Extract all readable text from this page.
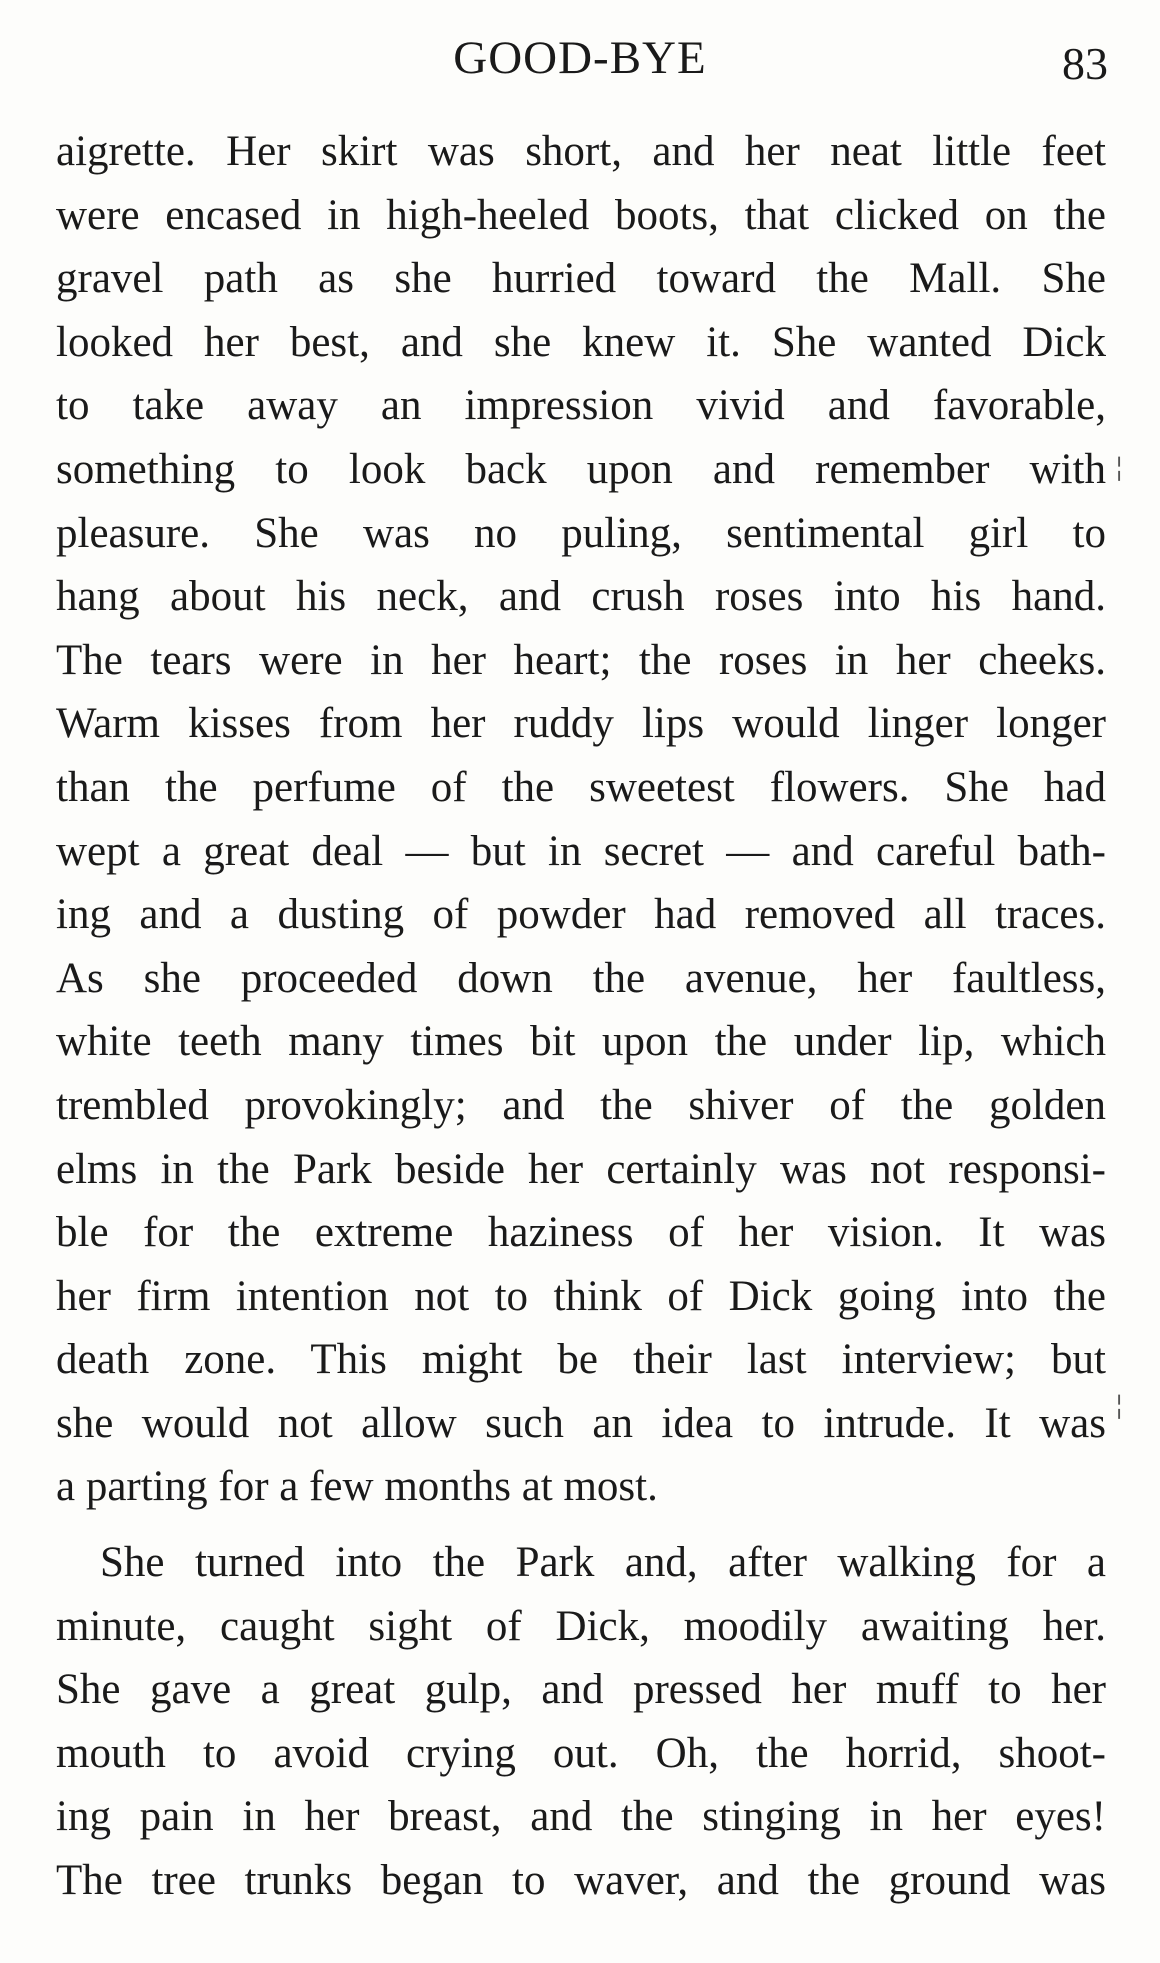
GOOD-BYE	83
aigrette. Her skirt was short, and her neat little feet
were encased in high-heeled boots, that clicked on the
gravel path as she hurried toward the Mall. She
looked her best, and she knew it. She wanted Dick
to take away an impression vivid and favorable,
something to look back upon and remember with
pleasure. She was no puling, sentimental girl to
hang about his neck, and crush roses into his hand.
The tears were in her heart; the roses in her cheeks.
Warm kisses from her ruddy lips would linger longer
than the perfume of the sweetest flowers. She had
wept a great deal — but in secret — and careful bath-
ing and a dusting of powder had removed all traces.
As she proceeded down the avenue, her faultless,
white teeth many times bit upon the under lip, which
trembled provokingly; and the shiver of the golden
elms in the Park beside her certainly was not responsi-
ble for the extreme haziness of her vision. It was
her firm intention not to think of Dick going into the
death zone. This might be their last interview; but
she would not allow such an idea to intrude. It was
a parting for a few months at most.
She turned into the Park and, after walking for a
minute, caught sight of Dick, moodily awaiting her.
She gave a great gulp, and pressed her muff to her
mouth to avoid crying out. Oh, the horrid, shoot-
ing pain in her breast, and the stinging in her eyes!
The tree trunks began to waver, and the ground was
╎
╎
